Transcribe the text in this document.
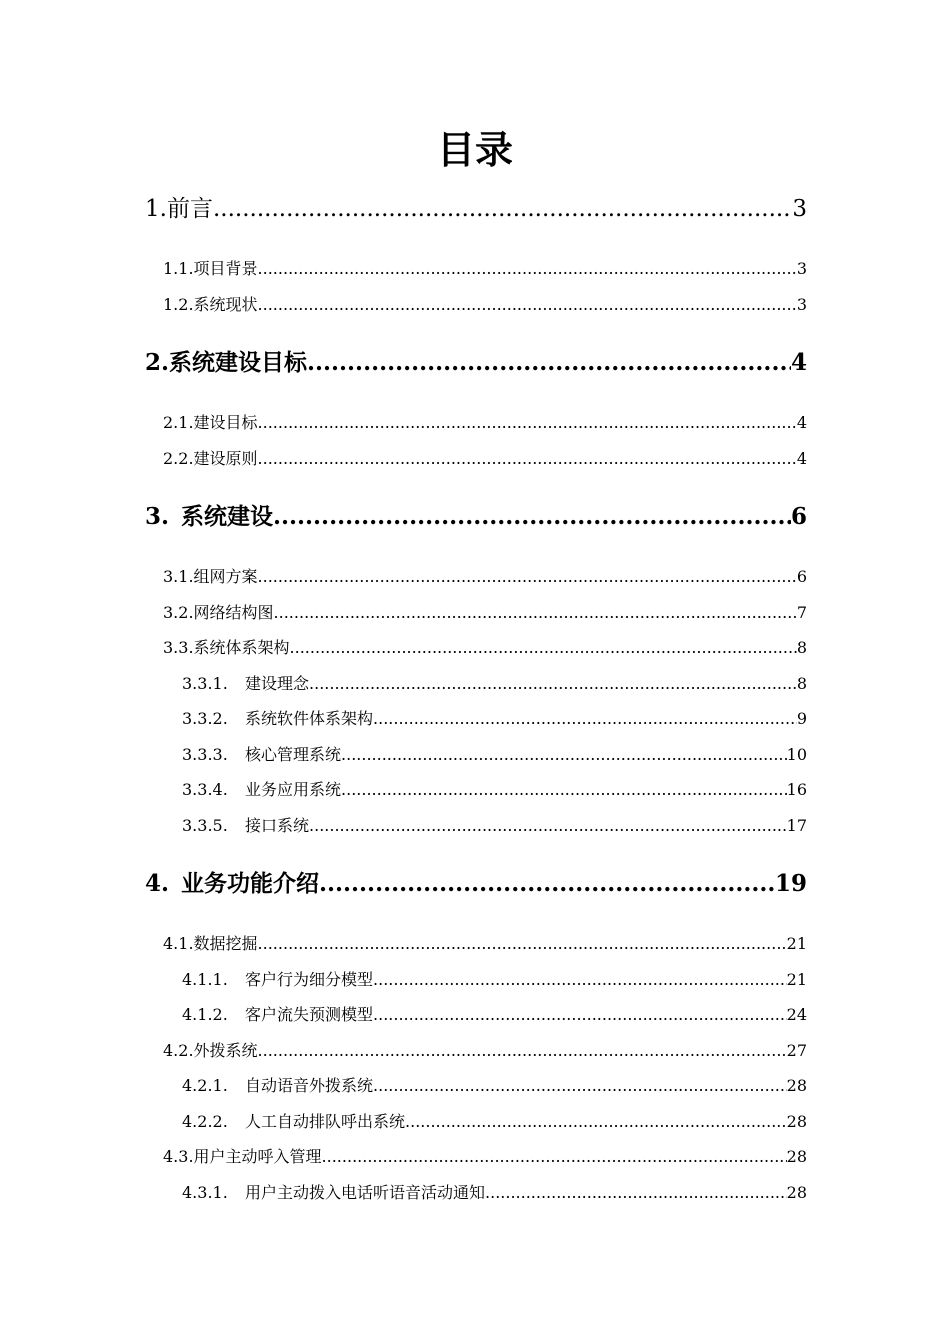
目录
1. 前言 .....	3
1.1. 项目背景 .....	3
1.2. 系统现状 .....	3
2. 系统建设目标 .....	4
2.1. 建设目标 .....	4
2.2. 建设原则 .....	4
3. 系统建设 .....	6
3.1. 组网方案 .....	6
3.2. 网络结构图 .....	7
3.3. 系统体系架构 .....	8
3.3.1.	建设理念 .....	8
3.3.2.	系统软件体系架构 .....	9
3.3.3.	核心管理系统 .....	10
3.3.4.	业务应用系统 .....	16
3.3.5.	接口系统 .....	17
4. 业务功能介绍 .....	19
4.1. 数据挖掘 .....	21
4.1.1.	客户行为细分模型 .....	21
4.1.2.	客户流失预测模型 .....	24
4.2. 外拨系统 .....	27
4.2.1.	自动语音外拨系统 .....	28
4.2.2.	人工自动排队呼出系统 .....	28
4.3. 用户主动呼入管理 .....	28
4.3.1.	用户主动拨入电话听语音活动通知 .....	28
